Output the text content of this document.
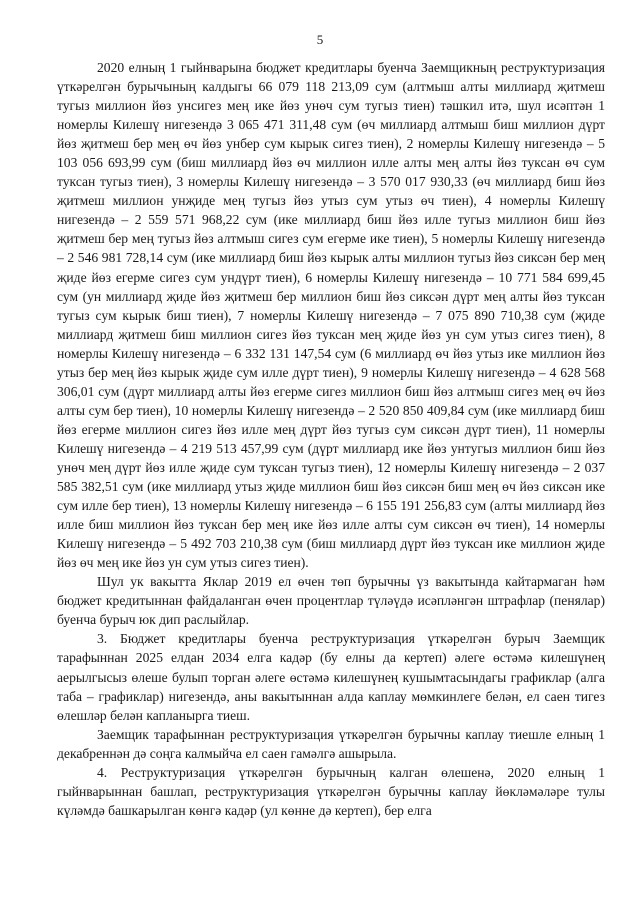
5

2020 елның 1 гыйнварына бюджет кредитлары буенча Заемщикның реструктуризация үткәрелгән бурычының калдыгы 66 079 118 213,09 сум (алтмыш алты миллиард җитмеш тугыз миллион йөз унсигез мең ике йөз унөч сум тугыз тиен) тәшкил итә, шул исәптән 1 номерлы Килешү нигезендә 3 065 471 311,48 сум (өч миллиард алтмыш биш миллион дүрт йөз җитмеш бер мең өч йөз унбер сум кырык сигез тиен), 2 номерлы Килешү нигезендә – 5 103 056 693,99 сум (биш миллиард йөз өч миллион илле алты мең алты йөз туксан өч сум туксан тугыз тиен), 3 номерлы Килешү нигезендә – 3 570 017 930,33 (өч миллиард биш йөз җитмеш миллион унҗиде мең тугыз йөз утыз сум утыз өч тиен), 4 номерлы Килешү нигезендә – 2 559 571 968,22 сум (ике миллиард биш йөз илле тугыз миллион биш йөз җитмеш бер мең тугыз йөз алтмыш сигез сум егерме ике тиен), 5 номерлы Килешү нигезендә – 2 546 981 728,14 сум (ике миллиард биш йөз кырык алты миллион тугыз йөз сиксән бер мең җиде йөз егерме сигез сум ундүрт тиен), 6 номерлы Килешү нигезендә – 10 771 584 699,45 сум (ун миллиард җиде йөз җитмеш бер миллион биш йөз сиксән дүрт мең алты йөз туксан тугыз сум кырык биш тиен), 7 номерлы Килешү нигезендә – 7 075 890 710,38 сум (җиде миллиард җитмеш биш миллион сигез йөз туксан мең җиде йөз ун сум утыз сигез тиен), 8 номерлы Килешү нигезендә – 6 332 131 147,54 сум (6 миллиард өч йөз утыз ике миллион йөз утыз бер мең йөз кырык җиде сум илле дүрт тиен), 9 номерлы Килешү нигезендә – 4 628 568 306,01 сум (дүрт миллиард алты йөз егерме сигез миллион биш йөз алтмыш сигез мең өч йөз алты сум бер тиен), 10 номерлы Килешү нигезендә – 2 520 850 409,84 сум (ике миллиард биш йөз егерме миллион сигез йөз илле мең дүрт йөз тугыз сум сиксән дүрт тиен), 11 номерлы Килешү нигезендә – 4 219 513 457,99 сум (дүрт миллиард ике йөз унтугыз миллион биш йөз унөч мең дүрт йөз илле җиде сум туксан тугыз тиен), 12 номерлы Килешү нигезендә – 2 037 585 382,51 сум (ике миллиард утыз җиде миллион биш йөз сиксән биш мең өч йөз сиксән ике сум илле бер тиен), 13 номерлы Килешү нигезендә – 6 155 191 256,83 сум (алты миллиард йөз илле биш миллион йөз туксан бер мең ике йөз илле алты сум сиксән өч тиен), 14 номерлы Килешү нигезендә – 5 492 703 210,38 сум (биш миллиард дүрт йөз туксан ике миллион җиде йөз өч мең ике йөз ун сум утыз сигез тиен).

Шул ук вакытта Яклар 2019 ел өчен төп бурычны үз вакытында кайтармаган һәм бюджет кредитыннан файдаланган өчен процентлар түләүдә исәпләнгән штрафлар (пенялар) буенча бурыч юк дип раслыйлар.

3. Бюджет кредитлары буенча реструктуризация үткәрелгән бурыч Заемщик тарафыннан 2025 елдан 2034 елга кадәр (бу елны да кертеп) әлеге өстәмә килешүнең аерылгысыз өлеше булып торган әлеге өстәмә килешүнең кушымтасындагы графиклар (алга таба – графиклар) нигезендә, аны вакытыннан алда каплау мөмкинлеге белән, ел саен тигез өлешләр белән капланырга тиеш.

Заемщик тарафыннан реструктуризация үткәрелгән бурычны каплау тиешле елның 1 декабреннән дә соңга калмыйча ел саен гамәлгә ашырыла.

4. Реструктуризация үткәрелгән бурычның калган өлешенә, 2020 елның 1 гыйнварыннан башлап, реструктуризация үткәрелгән бурычны каплау йөкләмәләре тулы күләмдә башкарылган көнгә кадәр (ул көнне дә кертеп), бер елга
